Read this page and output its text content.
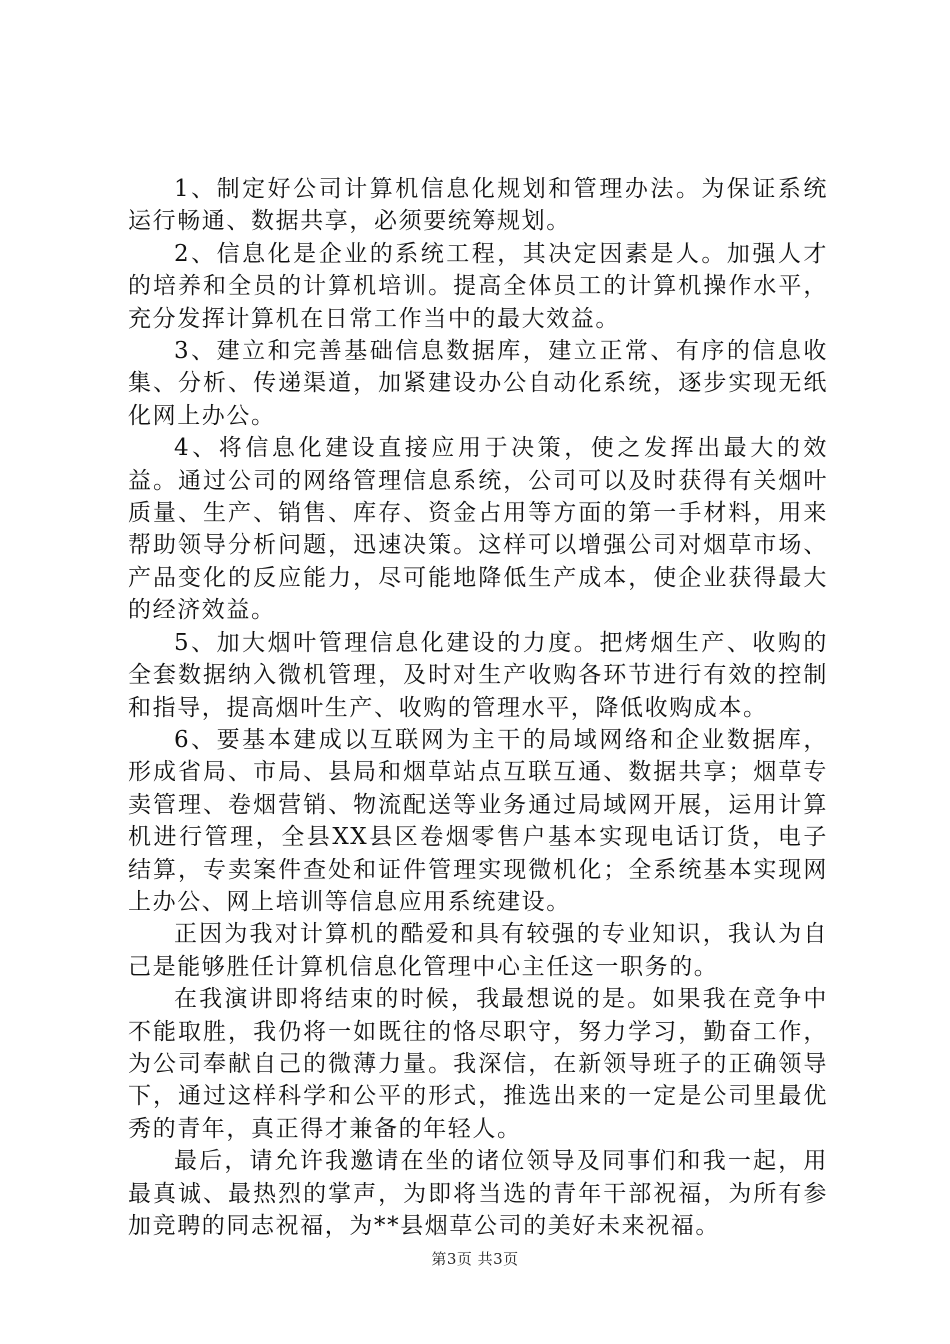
1、制定好公司计算机信息化规划和管理办法。为保证系统运行畅通、数据共享，必须要统筹规划。

2、信息化是企业的系统工程，其决定因素是人。加强人才的培养和全员的计算机培训。提高全体员工的计算机操作水平，充分发挥计算机在日常工作当中的最大效益。

3、建立和完善基础信息数据库，建立正常、有序的信息收集、分析、传递渠道，加紧建设办公自动化系统，逐步实现无纸化网上办公。

4、将信息化建设直接应用于决策，使之发挥出最大的效益。通过公司的网络管理信息系统，公司可以及时获得有关烟叶质量、生产、销售、库存、资金占用等方面的第一手材料，用来帮助领导分析问题，迅速决策。这样可以增强公司对烟草市场、产品变化的反应能力，尽可能地降低生产成本，使企业获得最大的经济效益。

5、加大烟叶管理信息化建设的力度。把烤烟生产、收购的全套数据纳入微机管理，及时对生产收购各环节进行有效的控制和指导，提高烟叶生产、收购的管理水平，降低收购成本。

6、要基本建成以互联网为主干的局域网络和企业数据库，形成省局、市局、县局和烟草站点互联互通、数据共享；烟草专卖管理、卷烟营销、物流配送等业务通过局域网开展，运用计算机进行管理，全县XX县区卷烟零售户基本实现电话订货，电子结算，专卖案件查处和证件管理实现微机化；全系统基本实现网上办公、网上培训等信息应用系统建设。

正因为我对计算机的酷爱和具有较强的专业知识，我认为自己是能够胜任计算机信息化管理中心主任这一职务的。

在我演讲即将结束的时候，我最想说的是。如果我在竞争中不能取胜，我仍将一如既往的恪尽职守，努力学习，勤奋工作，为公司奉献自己的微薄力量。我深信，在新领导班子的正确领导下，通过这样科学和公平的形式，推选出来的一定是公司里最优秀的青年，真正得才兼备的年轻人。

最后，请允许我邀请在坐的诸位领导及同事们和我一起，用最真诚、最热烈的掌声，为即将当选的青年干部祝福，为所有参加竞聘的同志祝福，为**县烟草公司的美好未来祝福。

第3页 共3页
